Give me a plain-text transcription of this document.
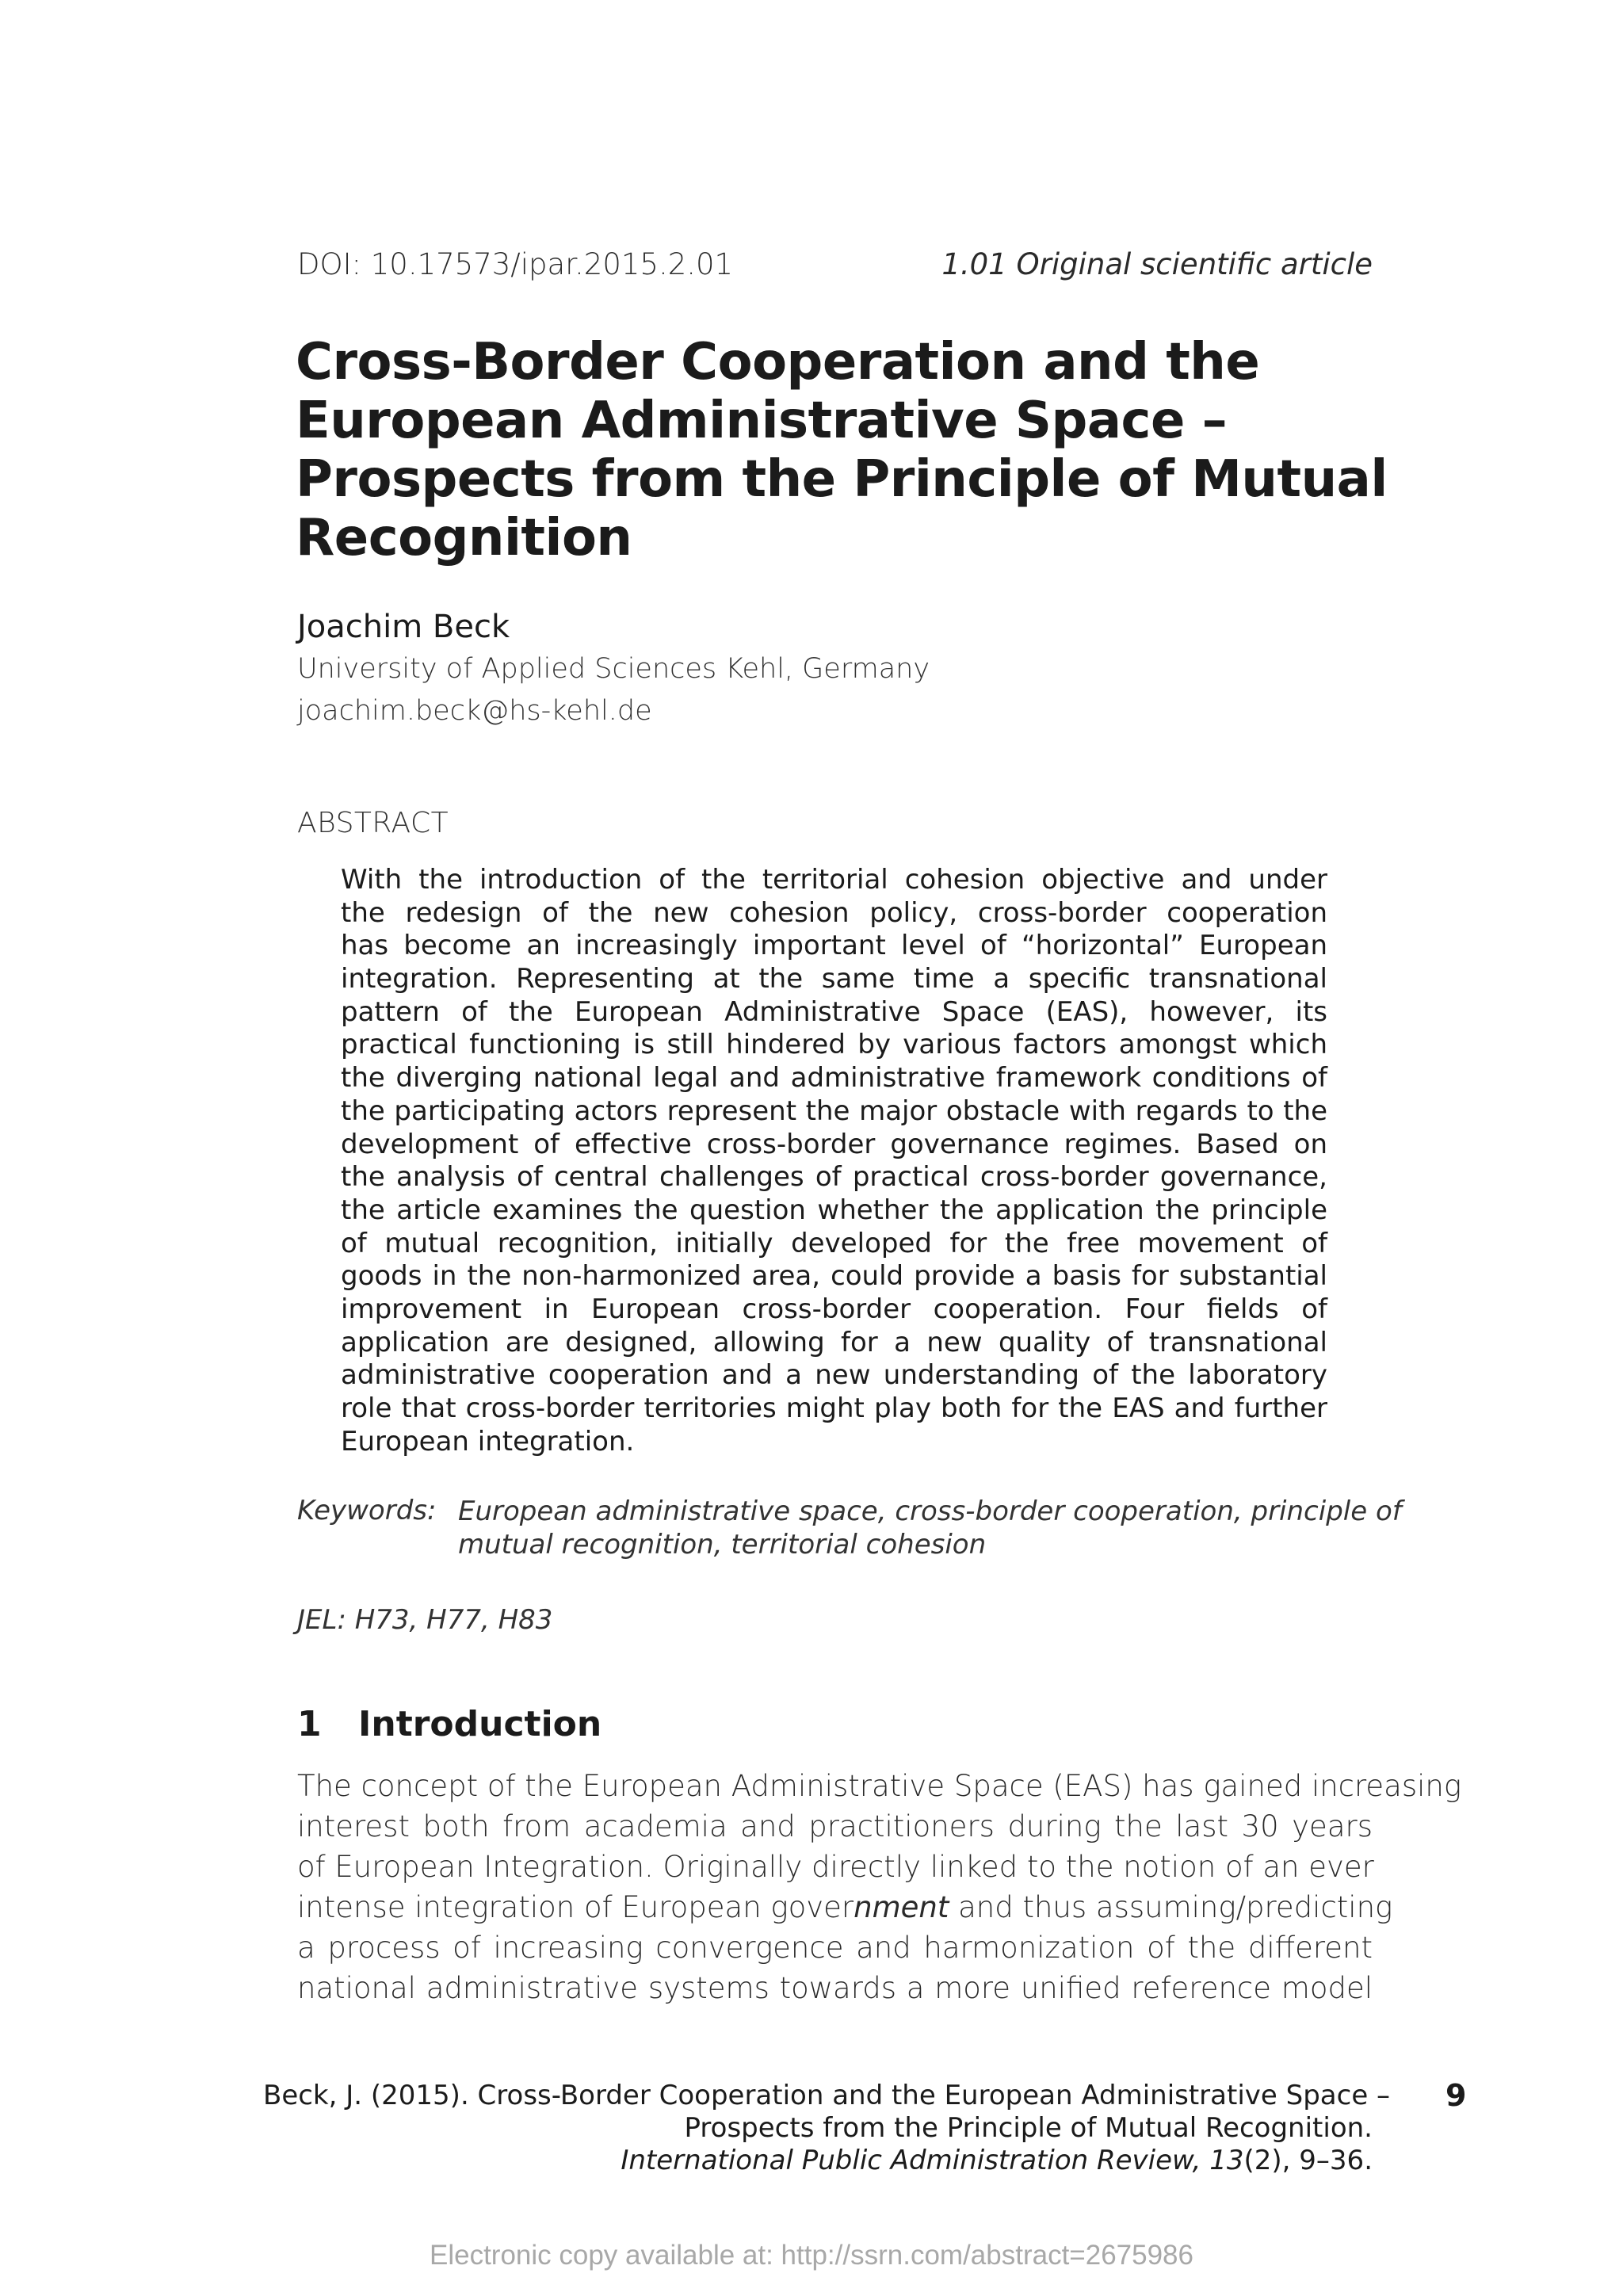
DOI: 10.17573/ipar.2015.2.01	1.01 Original scientific article
Cross-Border Cooperation and the
European Administrative Space –
Prospects from the Principle of Mutual
Recognition
Joachim Beck
University of Applied Sciences Kehl, Germany
joachim.beck@hs-kehl.de
ABSTRACT
With the introduction of the territorial cohesion objective and under
the redesign of the new cohesion policy, cross-border cooperation
has become an increasingly important level of “horizontal” European
integration. Representing at the same time a specific transnational
pattern of the European Administrative Space (EAS), however, its
practical functioning is still hindered by various factors amongst which
the diverging national legal and administrative framework conditions of
the participating actors represent the major obstacle with regards to the
development of effective cross-border governance regimes. Based on
the analysis of central challenges of practical cross-border governance,
the article examines the question whether the application the principle
of mutual recognition, initially developed for the free movement of
goods in the non-harmonized area, could provide a basis for substantial
improvement in European cross-border cooperation. Four fields of
application are designed, allowing for a new quality of transnational
administrative cooperation and a new understanding of the laboratory
role that cross-border territories might play both for the EAS and further
European integration.
Keywords: European administrative space, cross-border cooperation, principle of
mutual recognition, territorial cohesion
JEL: H73, H77, H83
1 Introduction
The concept of the European Administrative Space (EAS) has gained increasing
interest both from academia and practitioners during the last 30 years
of European Integration. Originally directly linked to the notion of an ever
intense integration of European government and thus assuming/predicting
a process of increasing convergence and harmonization of the different
national administrative systems towards a more unified reference model
Beck, J. (2015). Cross-Border Cooperation and the European Administrative Space –
Prospects from the Principle of Mutual Recognition.
International Public Administration Review, 13(2), 9–36.
9
Electronic copy available at: http://ssrn.com/abstract=2675986
